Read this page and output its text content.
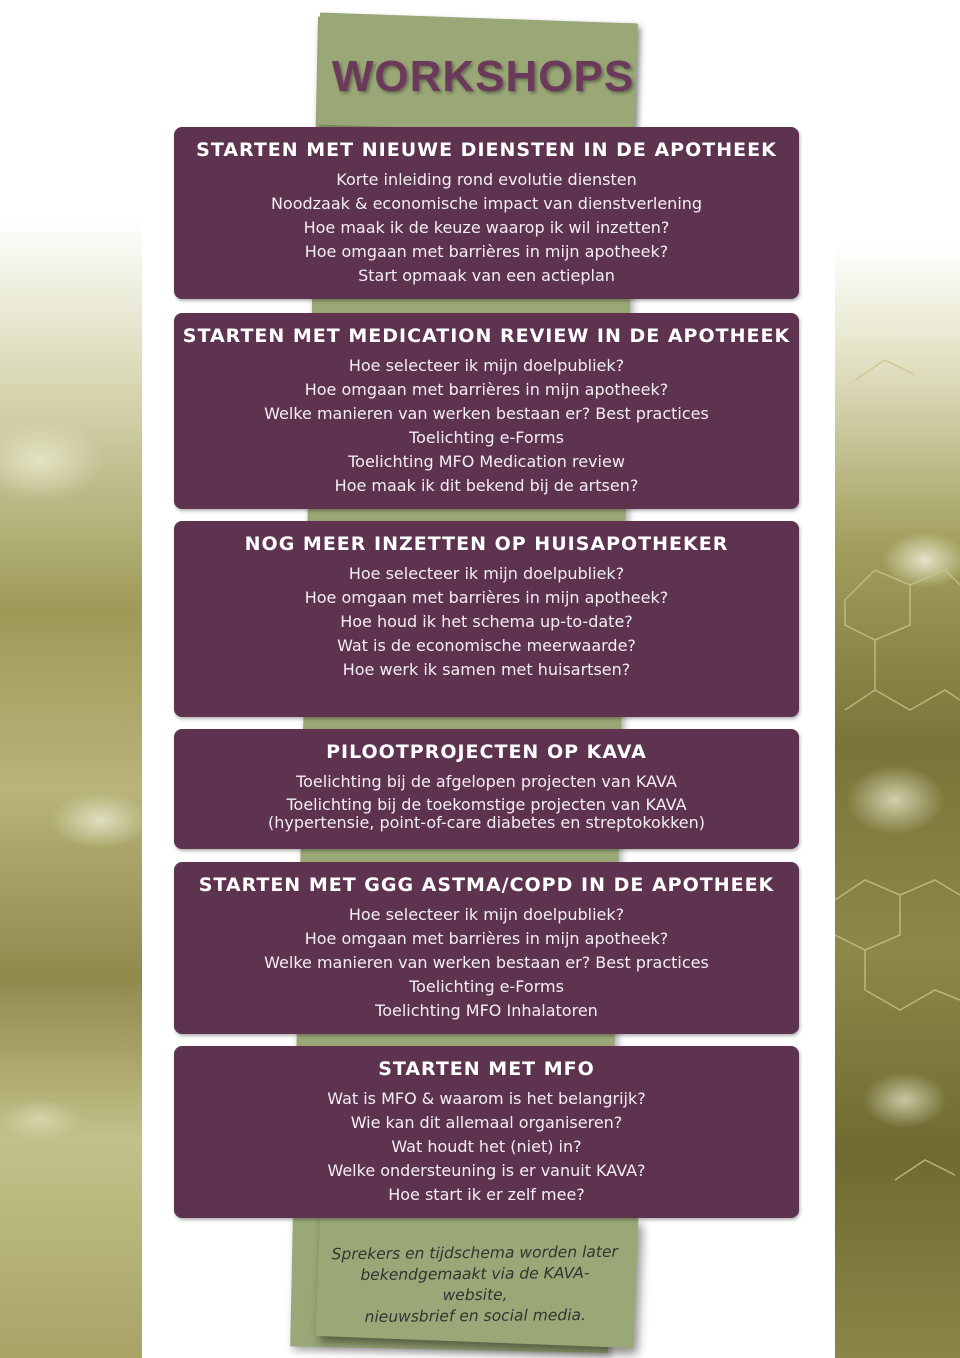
WORKSHOPS
STARTEN MET NIEUWE DIENSTEN IN DE APOTHEEK
Korte inleiding rond evolutie diensten
Noodzaak & economische impact van dienstverlening
Hoe maak ik de keuze waarop ik wil inzetten?
Hoe omgaan met barrières in mijn apotheek?
Start opmaak van een actieplan
STARTEN MET MEDICATION REVIEW IN DE APOTHEEK
Hoe selecteer ik mijn doelpubliek?
Hoe omgaan met barrières in mijn apotheek?
Welke manieren van werken bestaan er? Best practices
Toelichting e-Forms
Toelichting MFO Medication review
Hoe maak ik dit bekend bij de artsen?
NOG MEER INZETTEN OP HUISAPOTHEKER
Hoe selecteer ik mijn doelpubliek?
Hoe omgaan met barrières in mijn apotheek?
Hoe houd ik het schema up-to-date?
Wat is de economische meerwaarde?
Hoe werk ik samen met huisartsen?
PILOOTPROJECTEN OP KAVA
Toelichting bij de afgelopen projecten van KAVA
Toelichting bij de toekomstige projecten van KAVA
(hypertensie, point-of-care diabetes en streptokokken)
STARTEN MET GGG ASTMA/COPD IN DE APOTHEEK
Hoe selecteer ik mijn doelpubliek?
Hoe omgaan met barrières in mijn apotheek?
Welke manieren van werken bestaan er? Best practices
Toelichting e-Forms
Toelichting MFO Inhalatoren
STARTEN MET MFO
Wat is MFO & waarom is het belangrijk?
Wie kan dit allemaal organiseren?
Wat houdt het (niet) in?
Welke ondersteuning is er vanuit KAVA?
Hoe start ik er zelf mee?
Sprekers en tijdschema worden later
bekendgemaakt via de KAVA-website,
nieuwsbrief en social media.
